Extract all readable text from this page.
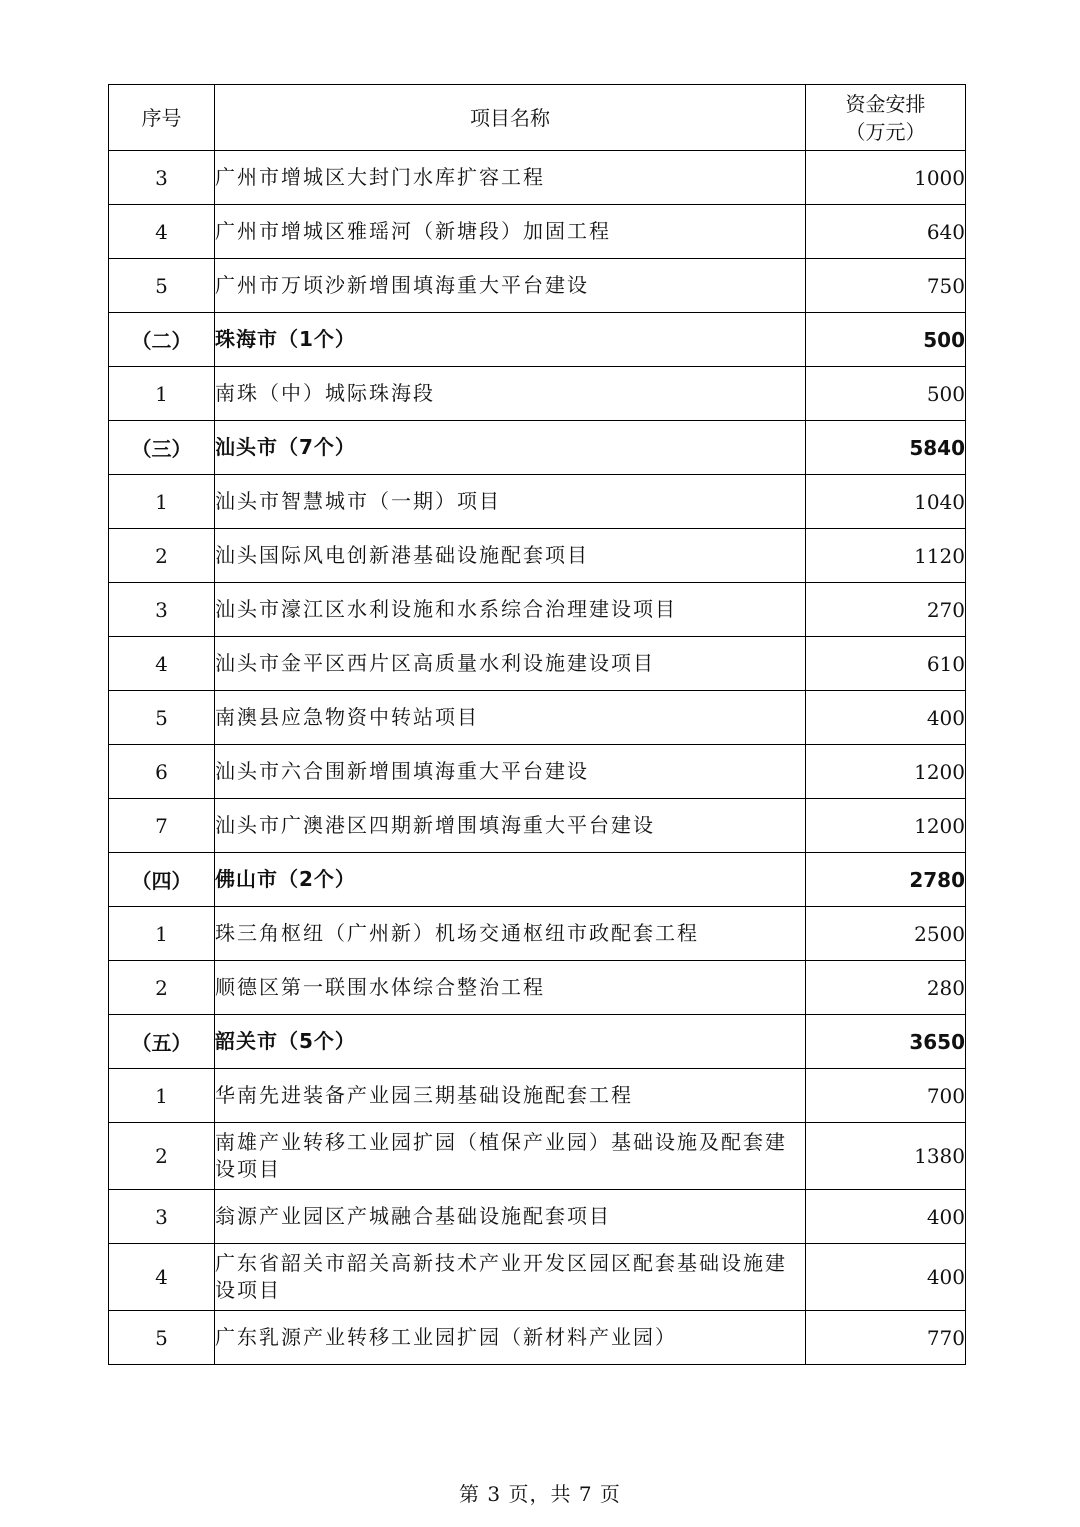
序号	项目名称	资金安排
（万元）

3	广州市增城区大封门水库扩容工程	1000
4	广州市增城区雅瑶河（新塘段）加固工程	640
5	广州市万顷沙新增围填海重大平台建设	750
（二）	珠海市（1个）	500
1	南珠（中）城际珠海段	500
（三）	汕头市（7个）	5840
1	汕头市智慧城市（一期）项目	1040
2	汕头国际风电创新港基础设施配套项目	1120
3	汕头市濠江区水利设施和水系综合治理建设项目	270
4	汕头市金平区西片区高质量水利设施建设项目	610
5	南澳县应急物资中转站项目	400
6	汕头市六合围新增围填海重大平台建设	1200
7	汕头市广澳港区四期新增围填海重大平台建设	1200
（四）	佛山市（2个）	2780
1	珠三角枢纽（广州新）机场交通枢纽市政配套工程	2500
2	顺德区第一联围水体综合整治工程	280
（五）	韶关市（5个）	3650
1	华南先进装备产业园三期基础设施配套工程	700
2	南雄产业转移工业园扩园（植保产业园）基础设施及配套建设项目	1380
3	翁源产业园区产城融合基础设施配套项目	400
4	广东省韶关市韶关高新技术产业开发区园区配套基础设施建设项目	400
5	广东乳源产业转移工业园扩园（新材料产业园）	770
第 3 页，共 7 页
